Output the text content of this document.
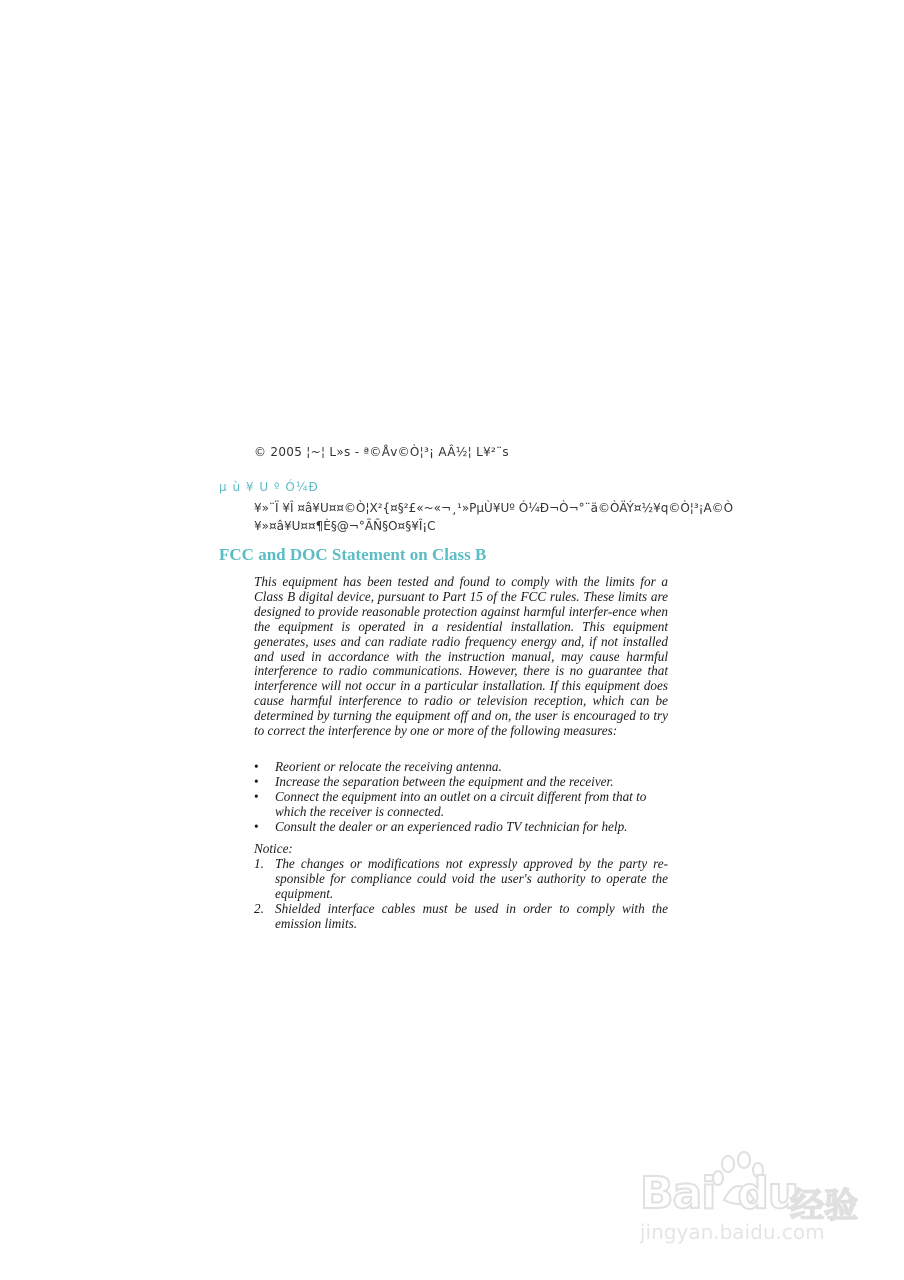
© 2005 ¦~¦ L»s - ª©Åv©Ò¦³¡ AÂ½¦ L¥²¨s
µ ù ¥ U º Ó¼Ð
¥»¨Ï ¥Î ¤â¥U¤¤©Ò¦X²{¤§²£«~«¬¸¹»PµÙ¥Uº Ó¼Ð¬Ò¬°¨ä©ÒÄÝ¤½¥q©Ò¦³¡A©Ò
¥»¤â¥U¤¤¶È§@¬°ÃÑ§O¤§¥Î¡C
FCC and DOC Statement on Class B
This equipment has been tested and found to comply with the limits for a Class B digital device, pursuant to Part 15 of the FCC rules. These limits are designed to provide reasonable protection against harmful interfer-ence when the equipment is operated in a residential installation. This equipment generates, uses and can radiate radio frequency energy and, if not installed and used in accordance with the instruction manual, may cause harmful interference to radio communications. However, there is no guarantee that interference will not occur in a particular installation. If this equipment does cause harmful interference to radio or television reception, which can be determined by turning the equipment off and on, the user is encouraged to try to correct the interference by one or more of the following measures:
• Reorient or relocate the receiving antenna.
• Increase the separation between the equipment and the receiver.
• Connect the equipment into an outlet on a circuit different from that to which the receiver is connected.
• Consult the dealer or an experienced radio TV technician for help.
Notice:
1. The changes or modifications not expressly approved by the party re-sponsible for compliance could void the user's authority to operate the equipment.
2. Shielded interface cables must be used in order to comply with the emission limits.
Bai du
经验
jingyan.baidu.com
